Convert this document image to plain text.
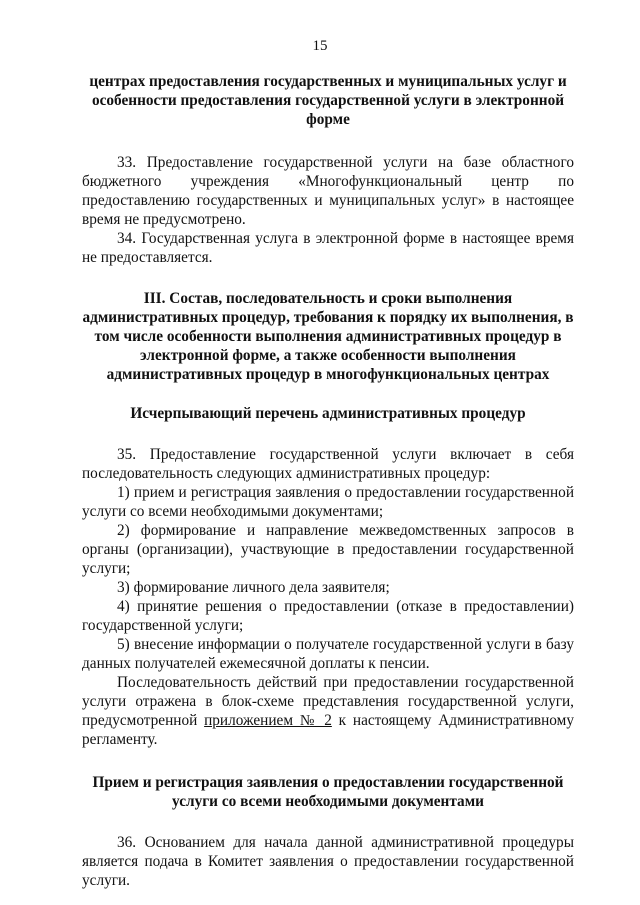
15

центрах предоставления государственных и муниципальных услуг и особенности предоставления государственной услуги в электронной форме

33. Предоставление государственной услуги на базе областного бюджетного учреждения «Многофункциональный центр по предоставлению государственных и муниципальных услуг» в настоящее время не предусмотрено.

34. Государственная услуга в электронной форме в настоящее время не предоставляется.

III. Состав, последовательность и сроки выполнения административных процедур, требования к порядку их выполнения, в том числе особенности выполнения административных процедур в электронной форме, а также особенности выполнения административных процедур в многофункциональных центрах

Исчерпывающий перечень административных процедур

35. Предоставление государственной услуги включает в себя последовательность следующих административных процедур:

1) прием и регистрация заявления о предоставлении государственной услуги со всеми необходимыми документами;

2) формирование и направление межведомственных запросов в органы (организации), участвующие в предоставлении государственной услуги;

3) формирование личного дела заявителя;

4) принятие решения о предоставлении (отказе в предоставлении) государственной услуги;

5) внесение информации о получателе государственной услуги в базу данных получателей ежемесячной доплаты к пенсии.

Последовательность действий при предоставлении государственной услуги отражена в блок-схеме представления государственной услуги, предусмотренной приложением № 2 к настоящему Административному регламенту.

Прием и регистрация заявления о предоставлении государственной услуги со всеми необходимыми документами

36. Основанием для начала данной административной процедуры является подача в Комитет заявления о предоставлении государственной услуги.
